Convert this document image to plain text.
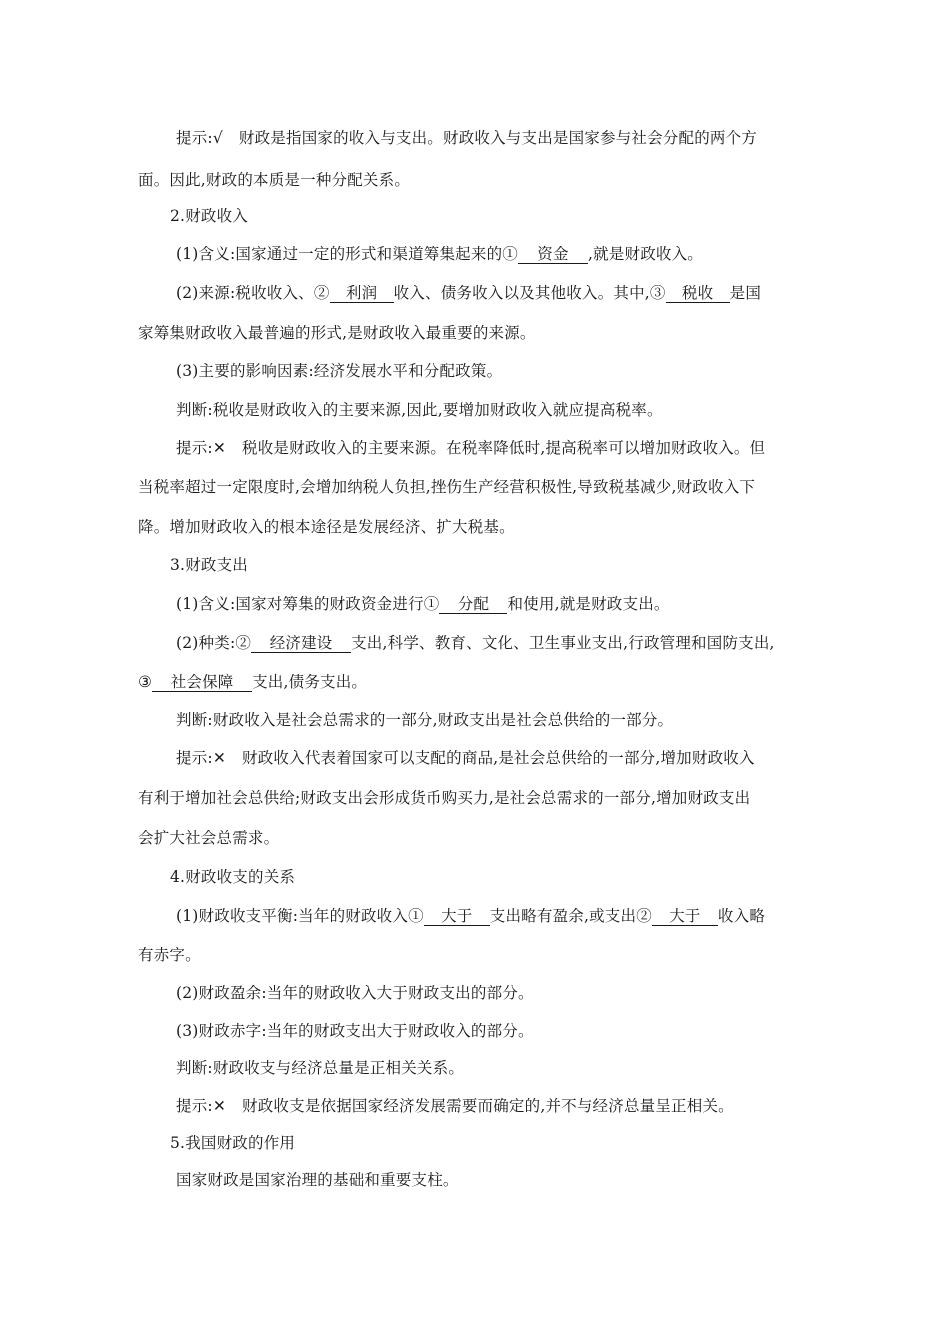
提示:√ 财政是指国家的收入与支出。财政收入与支出是国家参与社会分配的两个方
面。因此,财政的本质是一种分配关系。
2.财政收入
(1)含义:国家通过一定的形式和渠道筹集起来的① 资金 ,就是财政收入。
(2)来源:税收收入、② 利润 收入、债务收入以及其他收入。其中,③ 税收 是国
家筹集财政收入最普遍的形式,是财政收入最重要的来源。
(3)主要的影响因素:经济发展水平和分配政策。
判断:税收是财政收入的主要来源,因此,要增加财政收入就应提高税率。
提示:✕ 税收是财政收入的主要来源。在税率降低时,提高税率可以增加财政收入。但
当税率超过一定限度时,会增加纳税人负担,挫伤生产经营积极性,导致税基减少,财政收入下
降。增加财政收入的根本途径是发展经济、扩大税基。
3.财政支出
(1)含义:国家对筹集的财政资金进行① 分配 和使用,就是财政支出。
(2)种类:② 经济建设 支出,科学、教育、文化、卫生事业支出,行政管理和国防支出,
③ 社会保障 支出,债务支出。
判断:财政收入是社会总需求的一部分,财政支出是社会总供给的一部分。
提示:✕ 财政收入代表着国家可以支配的商品,是社会总供给的一部分,增加财政收入
有利于增加社会总供给;财政支出会形成货币购买力,是社会总需求的一部分,增加财政支出
会扩大社会总需求。
4.财政收支的关系
(1)财政收支平衡:当年的财政收入① 大于 支出略有盈余,或支出② 大于 收入略
有赤字。
(2)财政盈余:当年的财政收入大于财政支出的部分。
(3)财政赤字:当年的财政支出大于财政收入的部分。
判断:财政收支与经济总量是正相关关系。
提示:✕ 财政收支是依据国家经济发展需要而确定的,并不与经济总量呈正相关。
5.我国财政的作用
国家财政是国家治理的基础和重要支柱。
